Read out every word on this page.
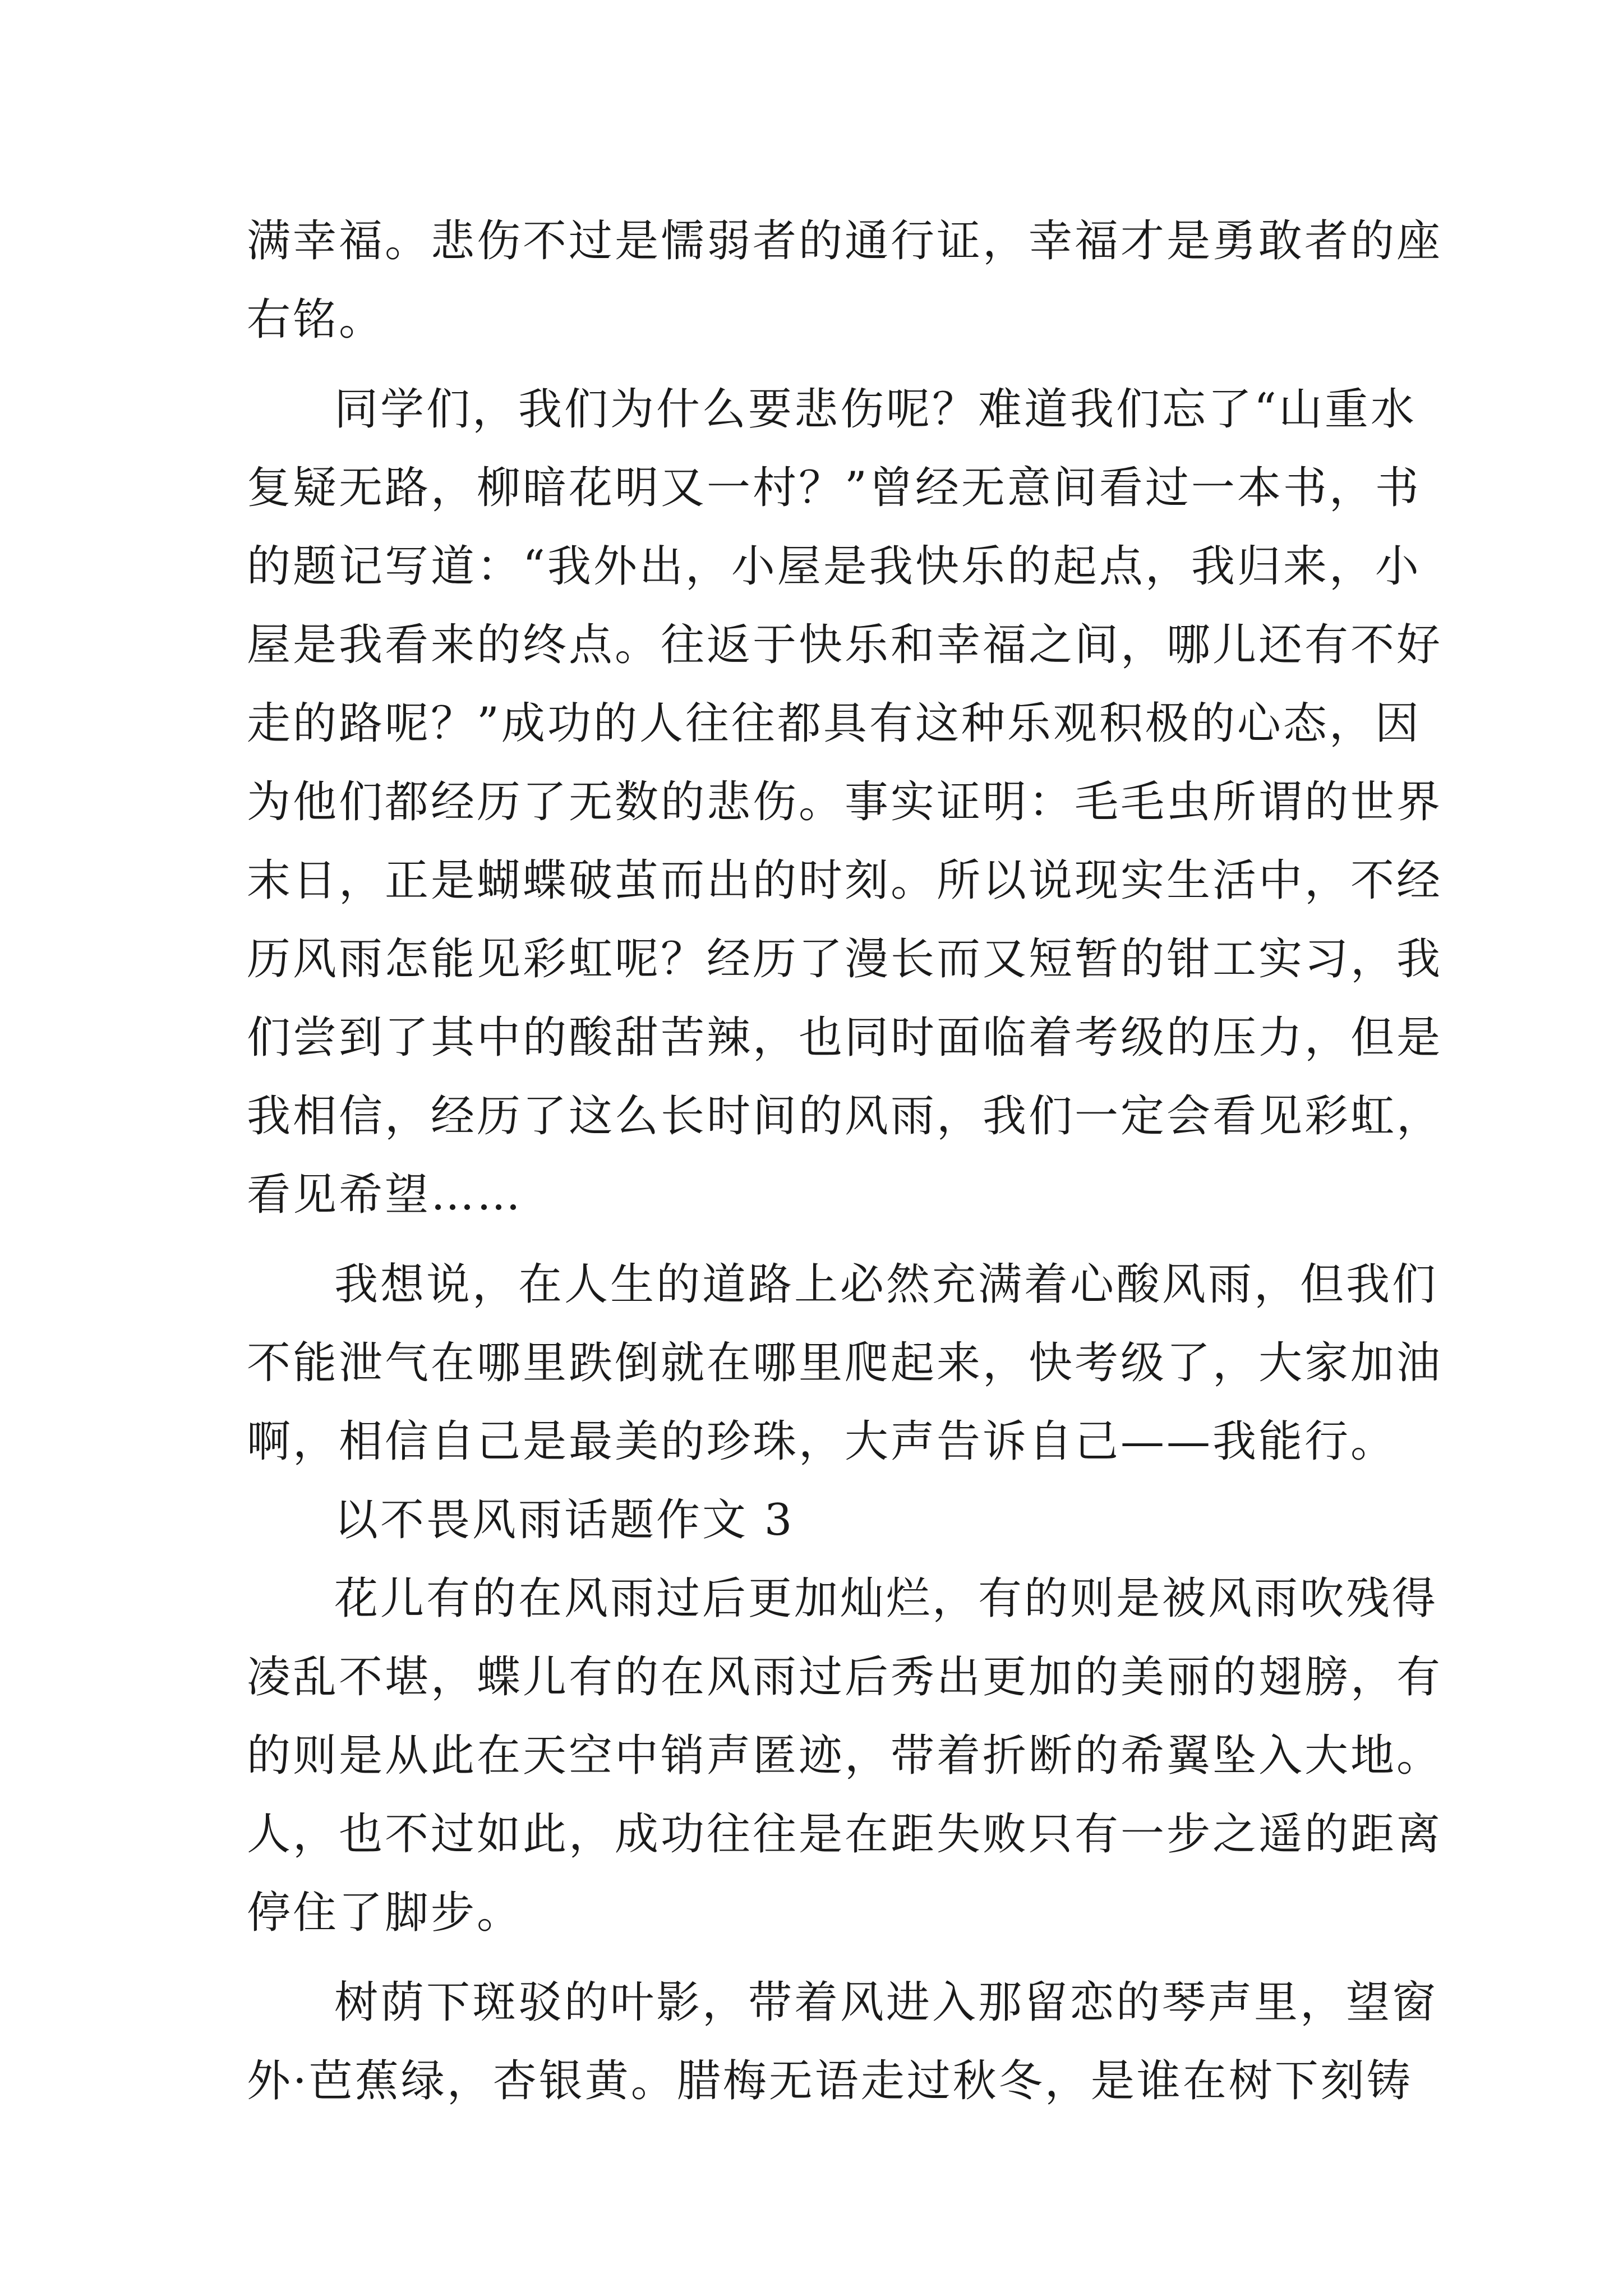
满幸福。悲伤不过是懦弱者的通行证，幸福才是勇敢者的座
右铭。
同学们，我们为什么要悲伤呢？难道我们忘了“山重水
复疑无路，柳暗花明又一村？”曾经无意间看过一本书，书
的题记写道：“我外出，小屋是我快乐的起点，我归来，小
屋是我看来的终点。往返于快乐和幸福之间，哪儿还有不好
走的路呢？”成功的人往往都具有这种乐观积极的心态，因
为他们都经历了无数的悲伤。事实证明：毛毛虫所谓的世界
末日，正是蝴蝶破茧而出的时刻。所以说现实生活中，不经
历风雨怎能见彩虹呢？经历了漫长而又短暂的钳工实习，我
们尝到了其中的酸甜苦辣，也同时面临着考级的压力，但是
我相信，经历了这么长时间的风雨，我们一定会看见彩虹，
看见希望……
我想说，在人生的道路上必然充满着心酸风雨，但我们
不能泄气在哪里跌倒就在哪里爬起来，快考级了，大家加油
啊，相信自己是最美的珍珠，大声告诉自己——我能行。
以不畏风雨话题作文 3
花儿有的在风雨过后更加灿烂，有的则是被风雨吹残得
凌乱不堪，蝶儿有的在风雨过后秀出更加的美丽的翅膀，有
的则是从此在天空中销声匿迹，带着折断的希翼坠入大地。
人，也不过如此，成功往往是在距失败只有一步之遥的距离
停住了脚步。
树荫下斑驳的叶影，带着风进入那留恋的琴声里，望窗
外·芭蕉绿，杏银黄。腊梅无语走过秋冬，是谁在树下刻铸
